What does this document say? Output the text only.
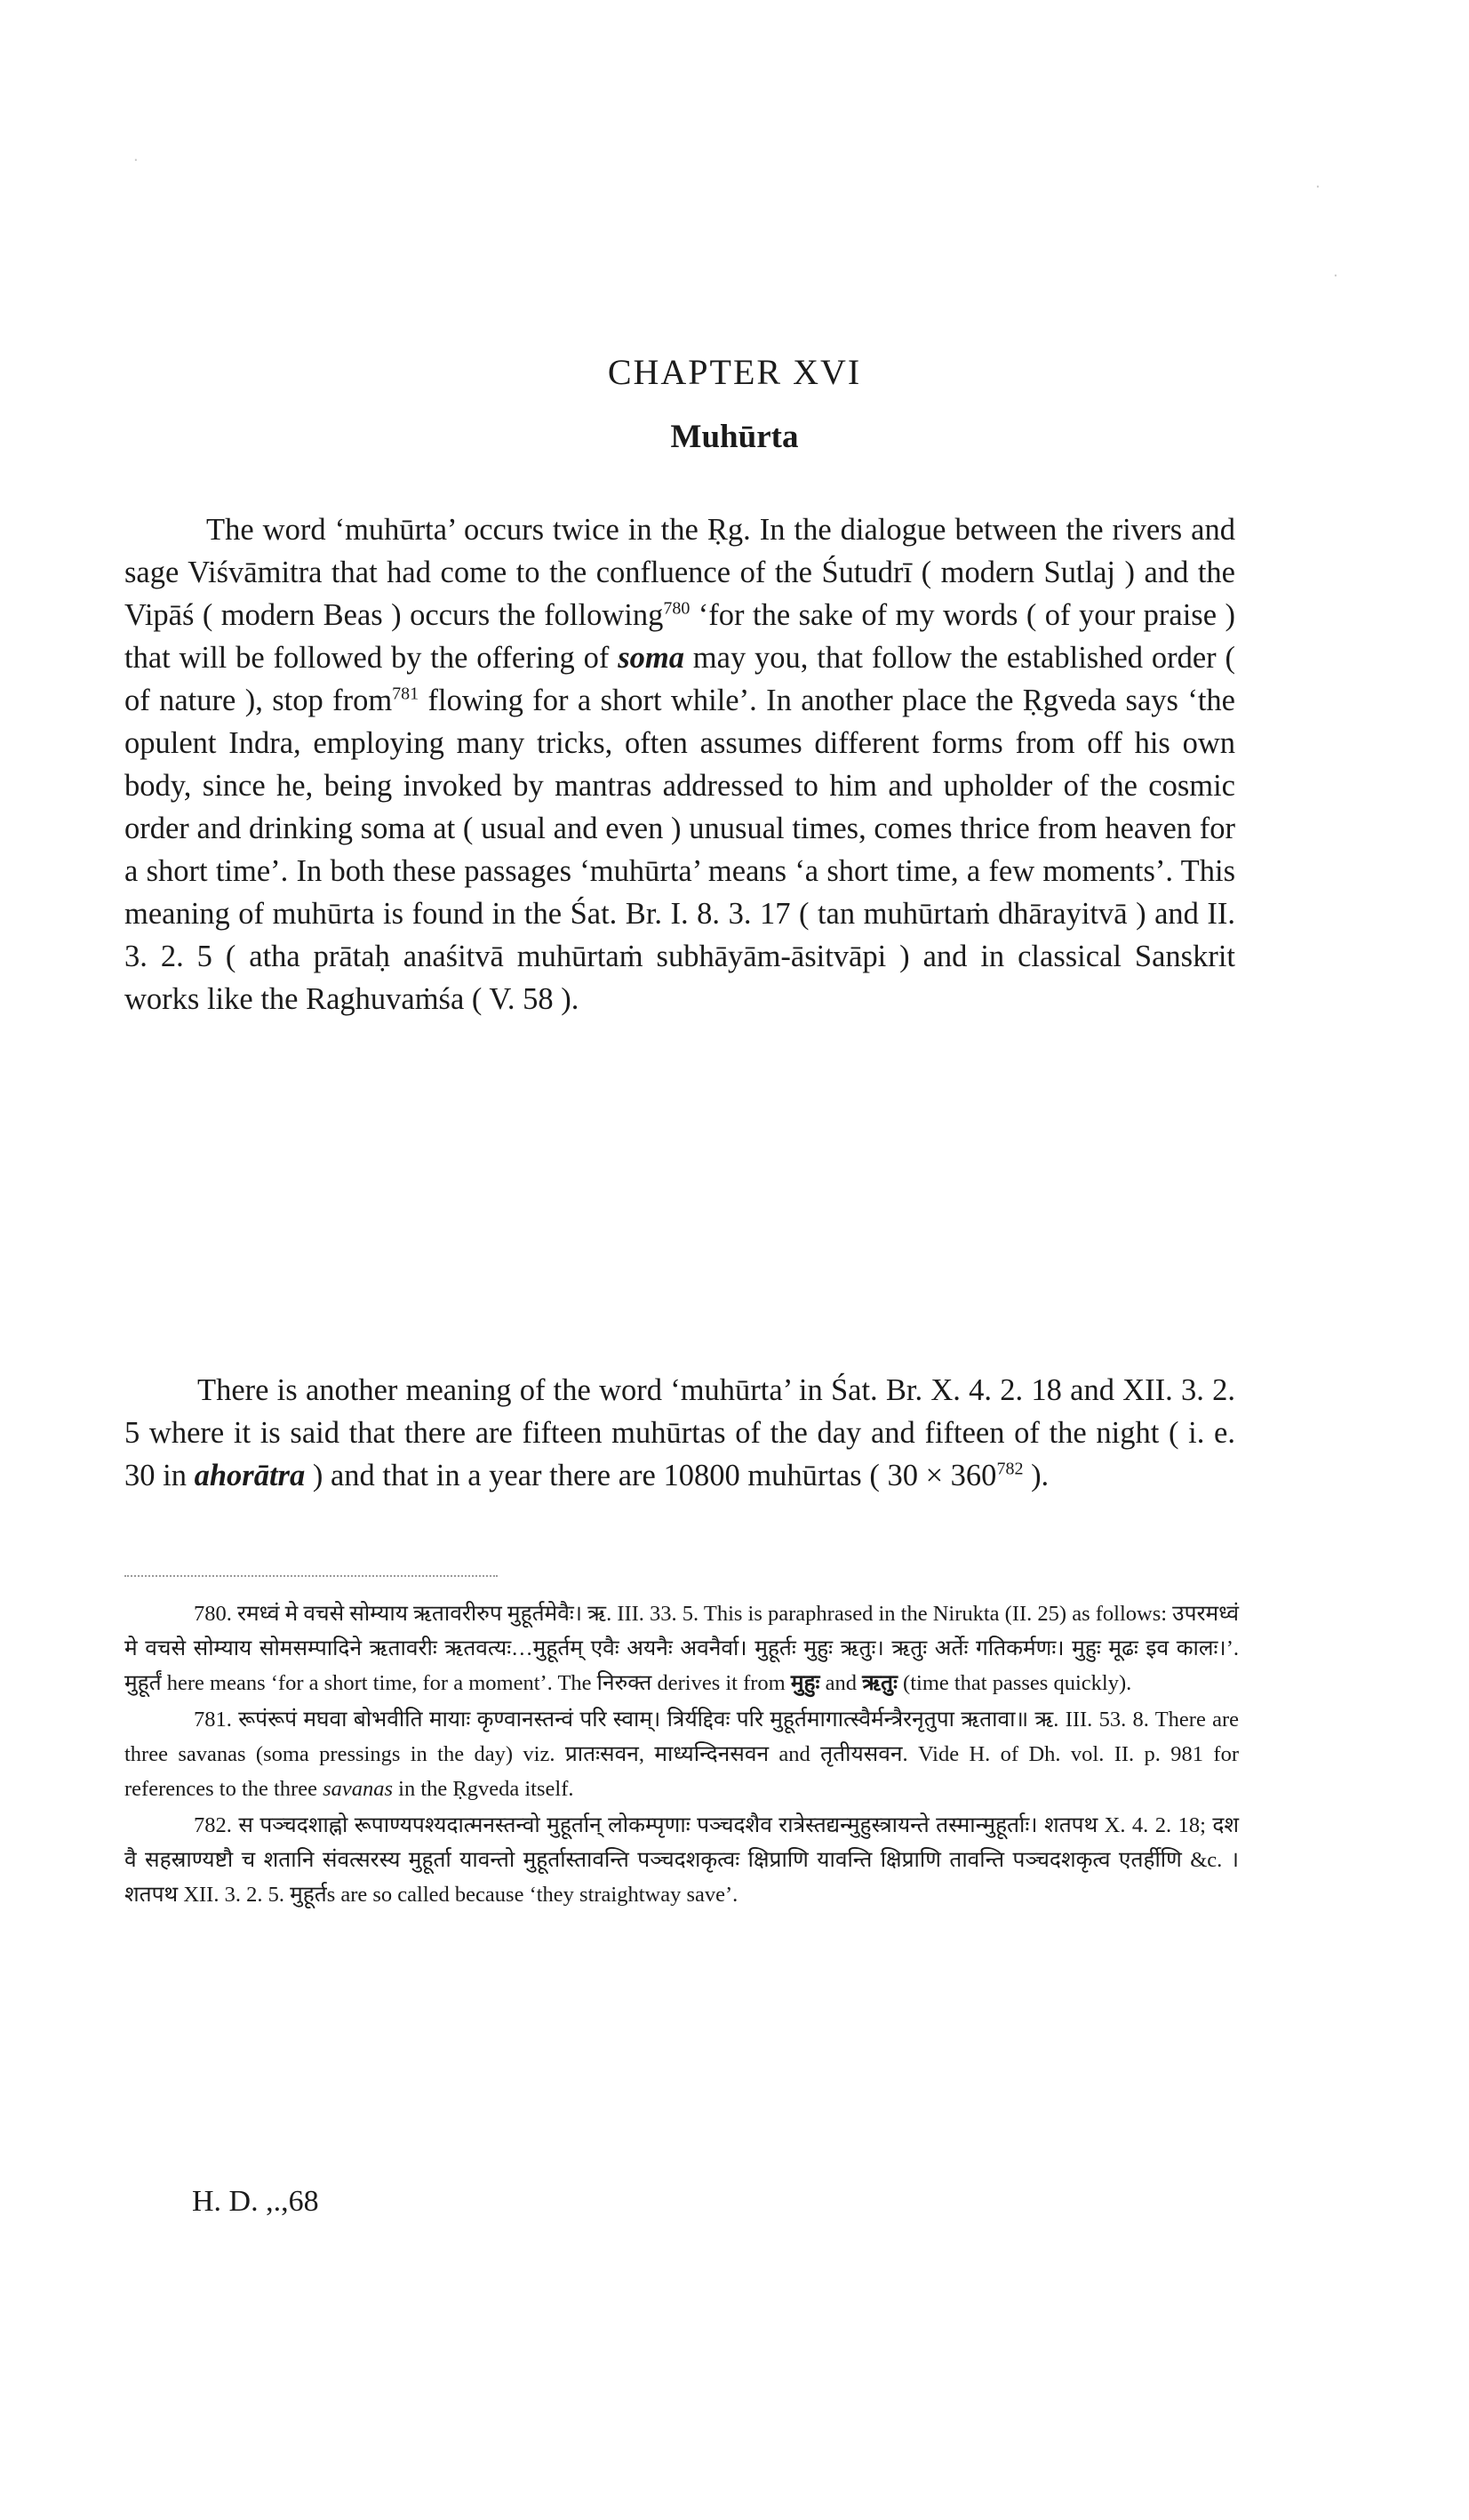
·
·
·
CHAPTER XVI
Muhūrta

The word ‘muhūrta’ occurs twice in the Ṛg. In the dialogue between the rivers and sage Viśvāmitra that had come to the confluence of the Śutudrī ( modern Sutlaj ) and the Vipāś ( modern Beas ) occurs the following$^{780}$ ‘for the sake of my words ( of your praise ) that will be followed by the offering of soma may you, that follow the established order ( of nature ), stop from$^{781}$ flowing for a short while’. In another place the Ṛgveda says ‘the opulent Indra, employing many tricks, often assumes different forms from off his own body, since he, being invoked by mantras addressed to him and upholder of the cosmic order and drinking soma at ( usual and even ) unusual times, comes thrice from heaven for a short time’. In both these passages ‘muhūrta’ means ‘a short time, a few moments’. This meaning of muhūrta is found in the Śat. Br. I. 8. 3. 17 ( tan muhūrtaṁ dhārayitvā ) and II. 3. 2. 5 ( atha prātaḥ anaśitvā muhūrtaṁ subhāyām-āsitvāpi ) and in classical Sanskrit works like the Raghuvaṁśa ( V. 58 ).

There is another meaning of the word ‘muhūrta’ in Śat. Br. X. 4. 2. 18 and XII. 3. 2. 5 where it is said that there are fifteen muhūrtas of the day and fifteen of the night ( i. e. 30 in ahorātra ) and that in a year there are 10800 muhūrtas ( $30 \times 360^{782}$ ).

780. रमध्वं मे वचसे सोम्याय ऋतावरीरुप मुहूर्तमेवैः। ऋ. III. 33. 5. This is paraphrased in the Nirukta (II. 25) as follows: उपरमध्वं मे वचसे सोम्याय सोमसम्पादिने ऋतावरीः ऋतवत्यः…मुहूर्तम् एवैः अयनैः अवनैर्वा। मुहूर्तः मुहुः ऋतुः। ऋतुः अर्तेः गतिकर्मणः। मुहुः मूढः इव कालः।’. मुहूर्तं here means ‘for a short time, for a moment’. The निरुक्त derives it from मुहुः and ऋतुः (time that passes quickly).

781. रूपंरूपं मघवा बोभवीति मायाः कृण्वानस्तन्वं परि स्वाम्। त्रिर्यद्दिवः परि मुहूर्तमागात्स्वैर्मन्त्रैरनृतुपा ऋतावा॥ ऋ. III. 53. 8. There are three savanas (soma pressings in the day) viz. प्रातःसवन, माध्यन्दिनसवन and तृतीयसवन. Vide H. of Dh. vol. II. p. 981 for references to the three savanas in the Ṛgveda itself.

782. स पञ्चदशाह्नो रूपाण्यपश्यदात्मनस्तन्वो मुहूर्तान् लोकम्पृणाः पञ्चदशैव रात्रेस्तद्यन्मुहुस्त्रायन्ते तस्मान्मुहूर्ताः। शतपथ X. 4. 2. 18; दश वै सहस्राण्यष्टौ च शतानि संवत्सरस्य मुहूर्ता यावन्तो मुहूर्तास्तावन्ति पञ्चदशकृत्वः क्षिप्राणि यावन्ति क्षिप्राणि तावन्ति पञ्चदशकृत्व एतर्हीणि &c. । शतपथ XII. 3. 2. 5. मुहूर्तs are so called because ‘they straightway save’.

H. D. ,.,68
